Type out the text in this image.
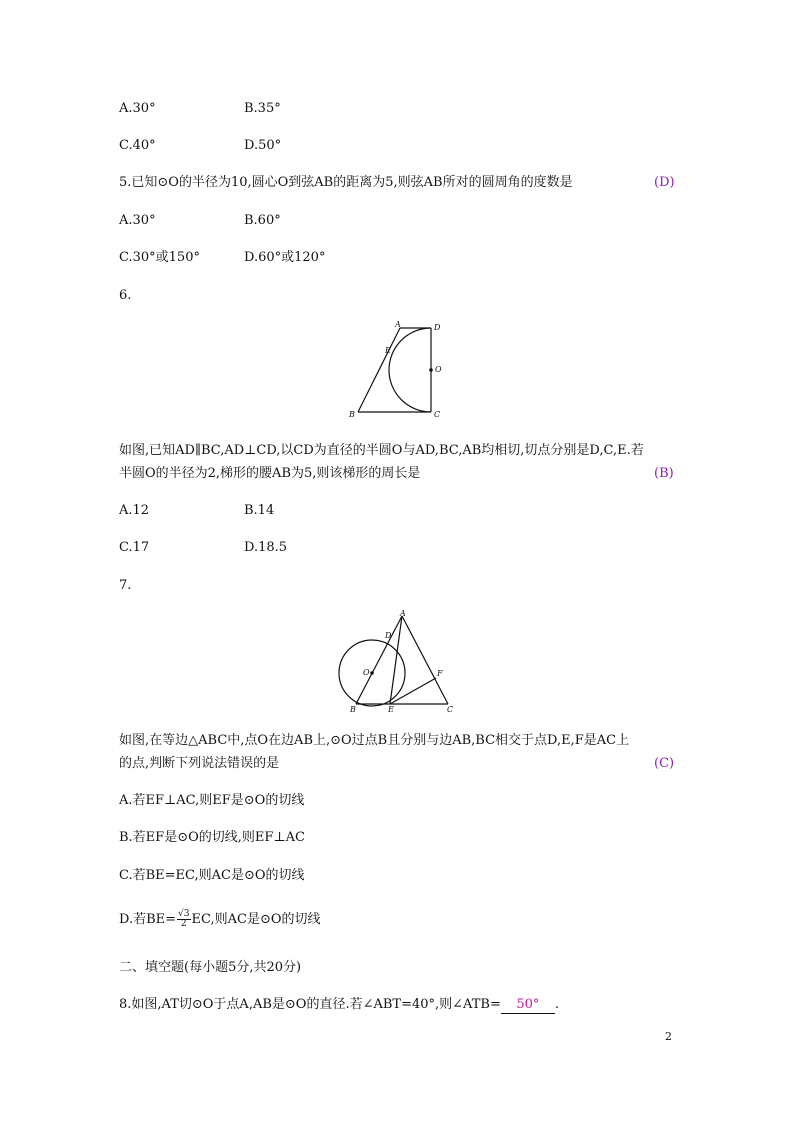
A.30°	B.35°
C.40°	D.50°
5.已知⊙O的半径为10,圆心O到弦AB的距离为5,则弦AB所对的圆周角的度数是	(D)
A.30°	B.60°
C.30°或150°	D.60°或120°
6.
A	D
E
O
B	C
如图,已知AD∥BC,AD⊥CD,以CD为直径的半圆O与AD,BC,AB均相切,切点分别是D,C,E.若
半圆O的半径为2,梯形的腰AB为5,则该梯形的周长是	(B)
A.12	B.14
C.17	D.18.5
7.
A
D
F
O
B	E	C
如图,在等边△ABC中,点O在边AB上,⊙O过点B且分别与边AB,BC相交于点D,E,F是AC上
的点,判断下列说法错误的是	(C)
A.若EF⊥AC,则EF是⊙O的切线
B.若EF是⊙O的切线,则EF⊥AC
C.若BE=EC,则AC是⊙O的切线
D.若$BE= \frac{√3}{2}$ EC,则AC是⊙O的切线
二、填空题(每小题5分,共20分)
8.如图,AT切⊙O于点A,AB是⊙O的直径.若∠ABT=40°,则∠ATB= 50° .
2
